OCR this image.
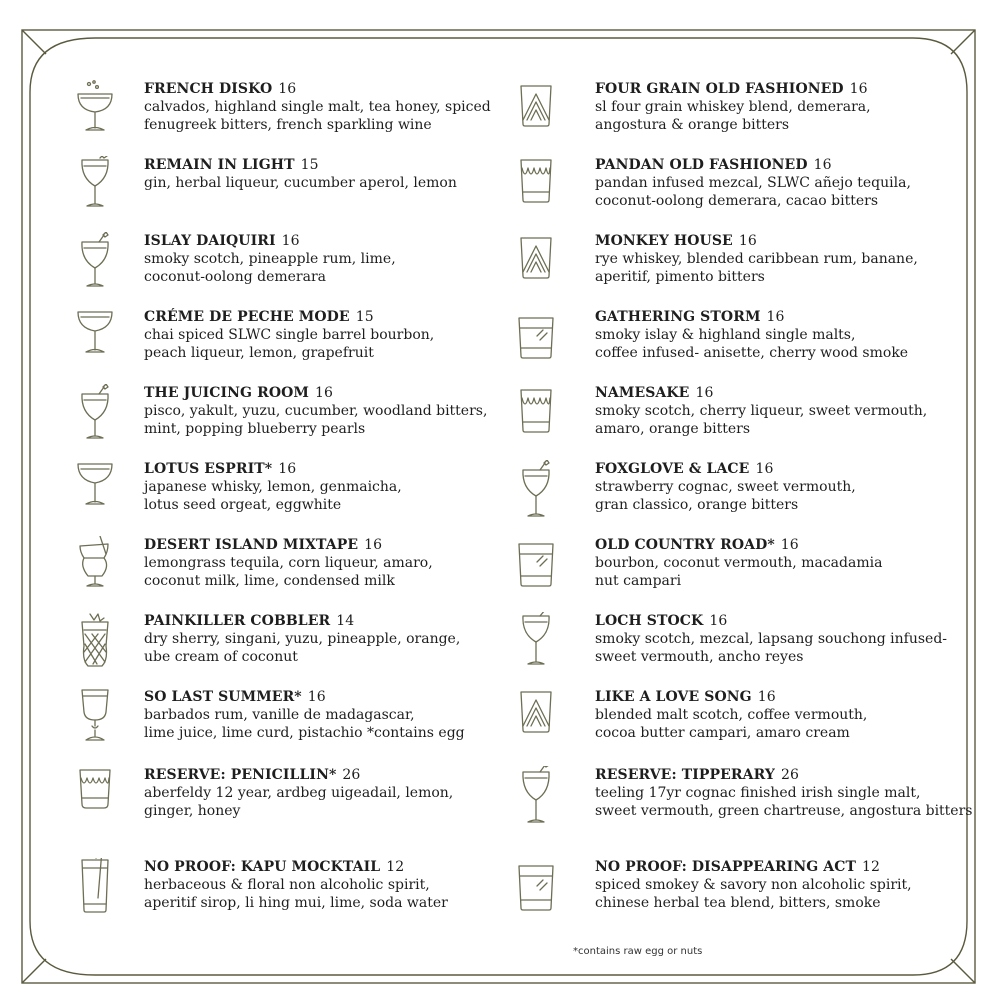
FRENCH DISKO 16
calvados, highland single malt, tea honey, spiced
fenugreek bitters, french sparkling wine
REMAIN IN LIGHT 15
gin, herbal liqueur, cucumber aperol, lemon
ISLAY DAIQUIRI 16
smoky scotch, pineapple rum, lime,
coconut-oolong demerara
CRÉME DE PECHE MODE 15
chai spiced SLWC single barrel bourbon,
peach liqueur, lemon, grapefruit
THE JUICING ROOM 16
pisco, yakult, yuzu, cucumber, woodland bitters,
mint, popping blueberry pearls
LOTUS ESPRIT* 16
japanese whisky, lemon, genmaicha,
lotus seed orgeat, eggwhite
DESERT ISLAND MIXTAPE 16
lemongrass tequila, corn liqueur, amaro,
coconut milk, lime, condensed milk
PAINKILLER COBBLER 14
dry sherry, singani, yuzu, pineapple, orange,
ube cream of coconut
SO LAST SUMMER* 16
barbados rum, vanille de madagascar,
lime juice, lime curd, pistachio *contains egg
RESERVE: PENICILLIN* 26
aberfeldy 12 year, ardbeg uigeadail, lemon,
ginger, honey
NO PROOF: KAPU MOCKTAIL 12
herbaceous & floral non alcoholic spirit,
aperitif sirop, li hing mui, lime, soda water
FOUR GRAIN OLD FASHIONED 16
sl four grain whiskey blend, demerara,
angostura & orange bitters
PANDAN OLD FASHIONED 16
pandan infused mezcal, SLWC añejo tequila,
coconut-oolong demerara, cacao bitters
MONKEY HOUSE 16
rye whiskey, blended caribbean rum, banane,
aperitif, pimento bitters
GATHERING STORM 16
smoky islay & highland single malts,
coffee infused- anisette, cherry wood smoke
NAMESAKE 16
smoky scotch, cherry liqueur, sweet vermouth,
amaro, orange bitters
FOXGLOVE & LACE 16
strawberry cognac, sweet vermouth,
gran classico, orange bitters
OLD COUNTRY ROAD* 16
bourbon, coconut vermouth, macadamia
nut campari
LOCH STOCK 16
smoky scotch, mezcal, lapsang souchong infused-
sweet vermouth, ancho reyes
LIKE A LOVE SONG 16
blended malt scotch, coffee vermouth,
cocoa butter campari, amaro cream
RESERVE: TIPPERARY 26
teeling 17yr cognac finished irish single malt,
sweet vermouth, green chartreuse, angostura bitters
NO PROOF: DISAPPEARING ACT 12
spiced smokey & savory non alcoholic spirit,
chinese herbal tea blend, bitters, smoke
*contains raw egg or nuts
